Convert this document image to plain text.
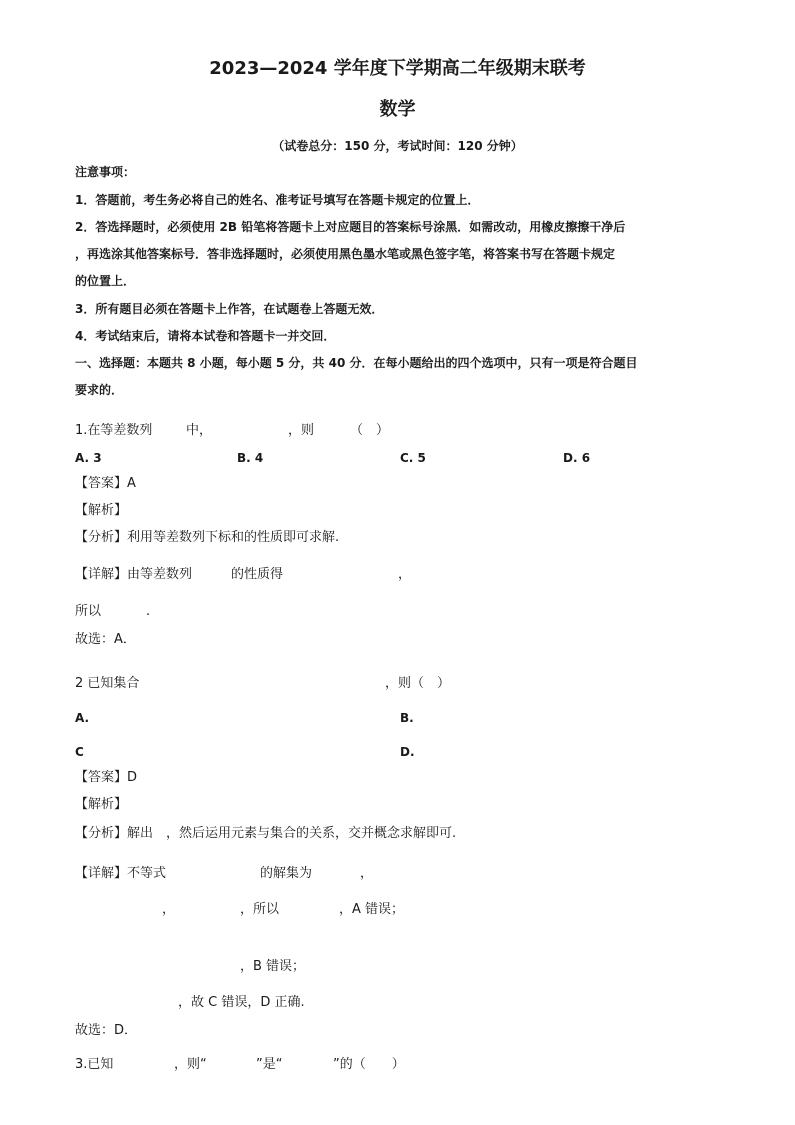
2023—2024 学年度下学期高二年级期末联考
数学
（试卷总分：150 分，考试时间：120 分钟）
注意事项：
1．答题前，考生务必将自己的姓名、准考证号填写在答题卡规定的位置上．
2．答选择题时，必须使用 2B 铅笔将答题卡上对应题目的答案标号涂黑．如需改动，用橡皮擦擦干净后
，再选涂其他答案标号．答非选择题时，必须使用黑色墨水笔或黑色签字笔，将答案书写在答题卡规定
的位置上．
3．所有题目必须在答题卡上作答，在试题卷上答题无效．
4．考试结束后，请将本试卷和答题卡一并交回．
一、选择题：本题共 8 小题，每小题 5 分，共 40 分．在每小题给出的四个选项中，只有一项是符合题目
要求的．
1.在等差数列	中，	，则	（　）
A. 3	B. 4	C. 5	D. 6
【答案】A
【解析】
【分析】利用等差数列下标和的性质即可求解.
【详解】由等差数列	的性质得	，
所以	.
故选：A．
2 已知集合	，则（　）
A.	B.
C	D.
【答案】D
【解析】
【分析】解出　，然后运用元素与集合的关系，交并概念求解即可.
【详解】不等式	的解集为	，
，	，所以	，A 错误；
，B 错误；
，故 C 错误，D 正确.
故选：D．
3.已知	，则“	”是“	”的（　　）
